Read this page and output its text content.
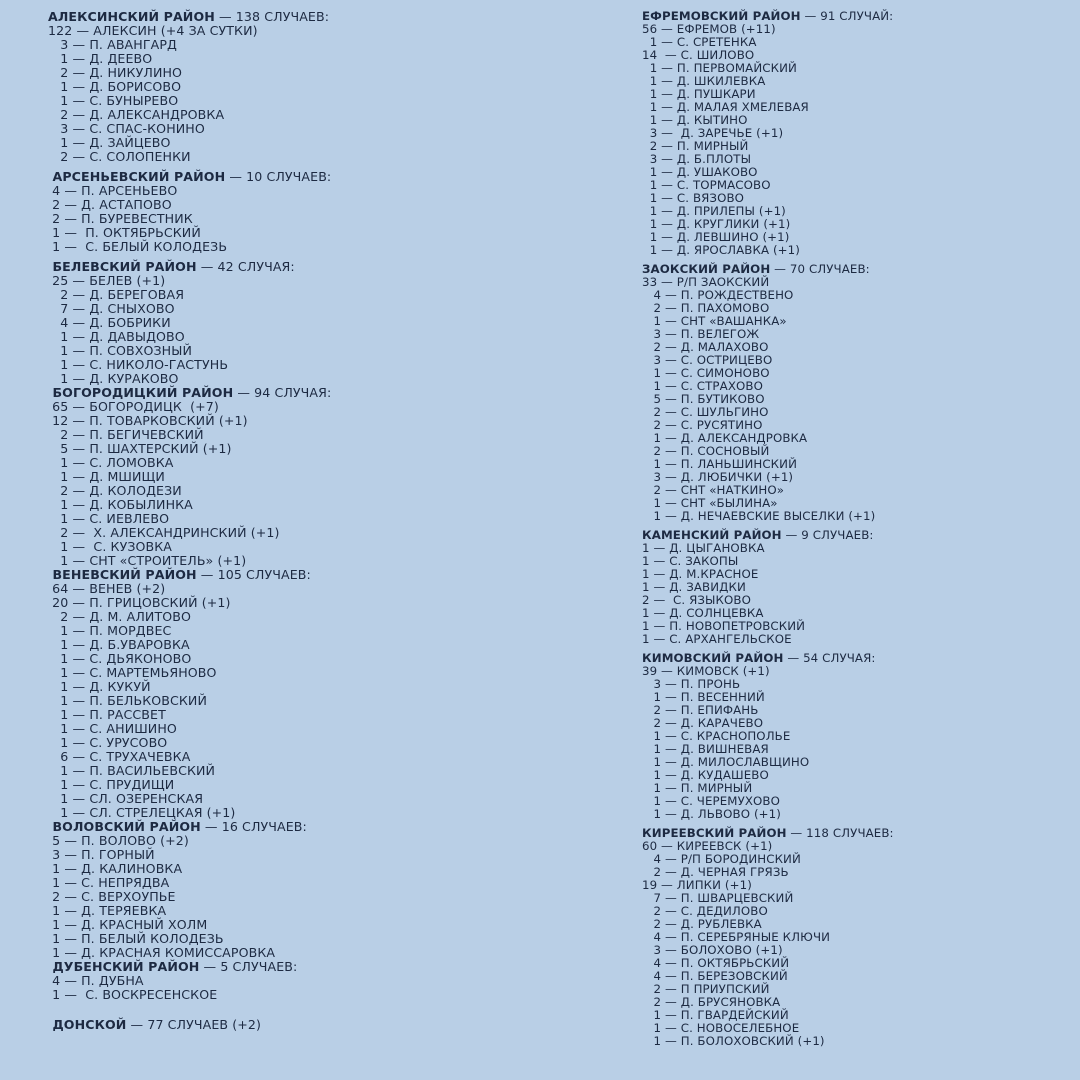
АЛЕКСИНСКИЙ РАЙОН — 138 СЛУЧАЕВ:
122 — АЛЕКСИН (+4 ЗА СУТКИ)
3 — П. АВАНГАРД
1 — Д. ДЕЕВО
2 — Д. НИКУЛИНО
1 — Д. БОРИСОВО
1 — С. БУНЫРЕВО
2 — Д. АЛЕКСАНДРОВКА
3 — С. СПАС-КОНИНО
1 — Д. ЗАЙЦЕВО
2 — С. СОЛОПЕНКИ
АРСЕНЬЕВСКИЙ РАЙОН — 10 СЛУЧАЕВ:
4 — П. АРСЕНЬЕВО
2 — Д. АСТАПОВО
2 — П. БУРЕВЕСТНИК
1 —  П. ОКТЯБРЬСКИЙ
1 —  С. БЕЛЫЙ КОЛОДЕЗЬ
БЕЛЕВСКИЙ РАЙОН — 42 СЛУЧАЯ:
25 — БЕЛЕВ (+1)
2 — Д. БЕРЕГОВАЯ
7 — Д. СНЫХОВО
4 — Д. БОБРИКИ
1 — Д. ДАВЫДОВО
1 — П. СОВХОЗНЫЙ
1 — С. НИКОЛО-ГАСТУНЬ
1 — Д. КУРАКОВО
БОГОРОДИЦКИЙ РАЙОН — 94 СЛУЧАЯ:
65 — БОГОРОДИЦК  (+7)
12 — П. ТОВАРКОВСКИЙ (+1)
2 — П. БЕГИЧЕВСКИЙ
5 — П. ШАХТЕРСКИЙ (+1)
1 — С. ЛОМОВКА
1 — Д. МШИЩИ
2 — Д. КОЛОДЕЗИ
1 — Д. КОБЫЛИНКА
1 — С. ИЕВЛЕВО
2 —  Х. АЛЕКСАНДРИНСКИЙ (+1)
1 —  С. КУЗОВКА
1 — СНТ «СТРОИТЕЛЬ» (+1)
ВЕНЕВСКИЙ РАЙОН — 105 СЛУЧАЕВ:
64 — ВЕНЕВ (+2)
20 — П. ГРИЦОВСКИЙ (+1)
2 — Д. М. АЛИТОВО
1 — П. МОРДВЕС
1 — Д. Б.УВАРОВКА
1 — С. ДЬЯКОНОВО
1 — С. МАРТЕМЬЯНОВО
1 — Д. КУКУЙ
1 — П. БЕЛЬКОВСКИЙ
1 — П. РАССВЕТ
1 — С. АНИШИНО
1 — С. УРУСОВО
6 — С. ТРУХАЧЕВКА
1 — П. ВАСИЛЬЕВСКИЙ
1 — С. ПРУДИЩИ
1 — СЛ. ОЗЕРЕНСКАЯ
1 — СЛ. СТРЕЛЕЦКАЯ (+1)
ВОЛОВСКИЙ РАЙОН — 16 СЛУЧАЕВ:
5 — П. ВОЛОВО (+2)
3 — П. ГОРНЫЙ
1 — Д. КАЛИНОВКА
1 — С. НЕПРЯДВА
2 — С. ВЕРХОУПЬЕ
1 — Д. ТЕРЯЕВКА
1 — Д. КРАСНЫЙ ХОЛМ
1 — П. БЕЛЫЙ КОЛОДЕЗЬ
1 — Д. КРАСНАЯ КОМИССАРОВКА
ДУБЕНСКИЙ РАЙОН — 5 СЛУЧАЕВ:
4 — П. ДУБНА
1 —  С. ВОСКРЕСЕНСКОЕ
ДОНСКОЙ — 77 СЛУЧАЕВ (+2)
ЕФРЕМОВСКИЙ РАЙОН — 91 СЛУЧАЙ:
56 — ЕФРЕМОВ (+11)
1 — С. СРЕТЕНКА
14  — С. ШИЛОВО
1 — П. ПЕРВОМАЙСКИЙ
1 — Д. ШКИЛЕВКА
1 — Д. ПУШКАРИ
1 — Д. МАЛАЯ ХМЕЛЕВАЯ
1 — Д. КЫТИНО
3 —  Д. ЗАРЕЧЬЕ (+1)
2 — П. МИРНЫЙ
3 — Д. Б.ПЛОТЫ
1 — Д. УШАКОВО
1 — С. ТОРМАСОВО
1 — С. ВЯЗОВО
1 — Д. ПРИЛЕПЫ (+1)
1 — Д. КРУГЛИКИ (+1)
1 — Д. ЛЕВШИНО (+1)
1 — Д. ЯРОСЛАВКА (+1)
ЗАОКСКИЙ РАЙОН — 70 СЛУЧАЕВ:
33 — Р/П ЗАОКСКИЙ
4 — П. РОЖДЕСТВЕНО
2 — П. ПАХОМОВО
1 — СНТ «ВАШАНКА»
3 — П. ВЕЛЕГОЖ
2 — Д. МАЛАХОВО
3 — С. ОСТРИЦЕВО
1 — С. СИМОНОВО
1 — С. СТРАХОВО
5 — П. БУТИКОВО
2 — С. ШУЛЬГИНО
2 — С. РУСЯТИНО
1 — Д. АЛЕКСАНДРОВКА
2 — П. СОСНОВЫЙ
1 — П. ЛАНЬШИНСКИЙ
3 — Д. ЛЮБИЧКИ (+1)
2 — СНТ «НАТКИНО»
1 — СНТ «БЫЛИНА»
1 — Д. НЕЧАЕВСКИЕ ВЫСЕЛКИ (+1)
КАМЕНСКИЙ РАЙОН — 9 СЛУЧАЕВ:
1 — Д. ЦЫГАНОВКА
1 — С. ЗАКОПЫ
1 — Д. М.КРАСНОЕ
1 — Д. ЗАВИДКИ
2 —  С. ЯЗЫКОВО
1 — Д. СОЛНЦЕВКА
1 — П. НОВОПЕТРОВСКИЙ
1 — С. АРХАНГЕЛЬСКОЕ
КИМОВСКИЙ РАЙОН — 54 СЛУЧАЯ:
39 — КИМОВСК (+1)
3 — П. ПРОНЬ
1 — П. ВЕСЕННИЙ
2 — П. ЕПИФАНЬ
2 — Д. КАРАЧЕВО
1 — С. КРАСНОПОЛЬЕ
1 — Д. ВИШНЕВАЯ
1 — Д. МИЛОСЛАВЩИНО
1 — Д. КУДАШЕВО
1 — П. МИРНЫЙ
1 — С. ЧЕРЕМУХОВО
1 — Д. ЛЬВОВО (+1)
КИРЕЕВСКИЙ РАЙОН — 118 СЛУЧАЕВ:
60 — КИРЕЕВСК (+1)
4 — Р/П БОРОДИНСКИЙ
2 — Д. ЧЕРНАЯ ГРЯЗЬ
19 — ЛИПКИ (+1)
7 — П. ШВАРЦЕВСКИЙ
2 — С. ДЕДИЛОВО
2 — Д. РУБЛЕВКА
4 — П. СЕРЕБРЯНЫЕ КЛЮЧИ
3 — БОЛОХОВО (+1)
4 — П. ОКТЯБРЬСКИЙ
4 — П. БЕРЕЗОВСКИЙ
2 — П ПРИУПСКИЙ
2 — Д. БРУСЯНОВКА
1 — П. ГВАРДЕЙСКИЙ
1 — С. НОВОСЕЛЕБНОЕ
1 — П. БОЛОХОВСКИЙ (+1)
